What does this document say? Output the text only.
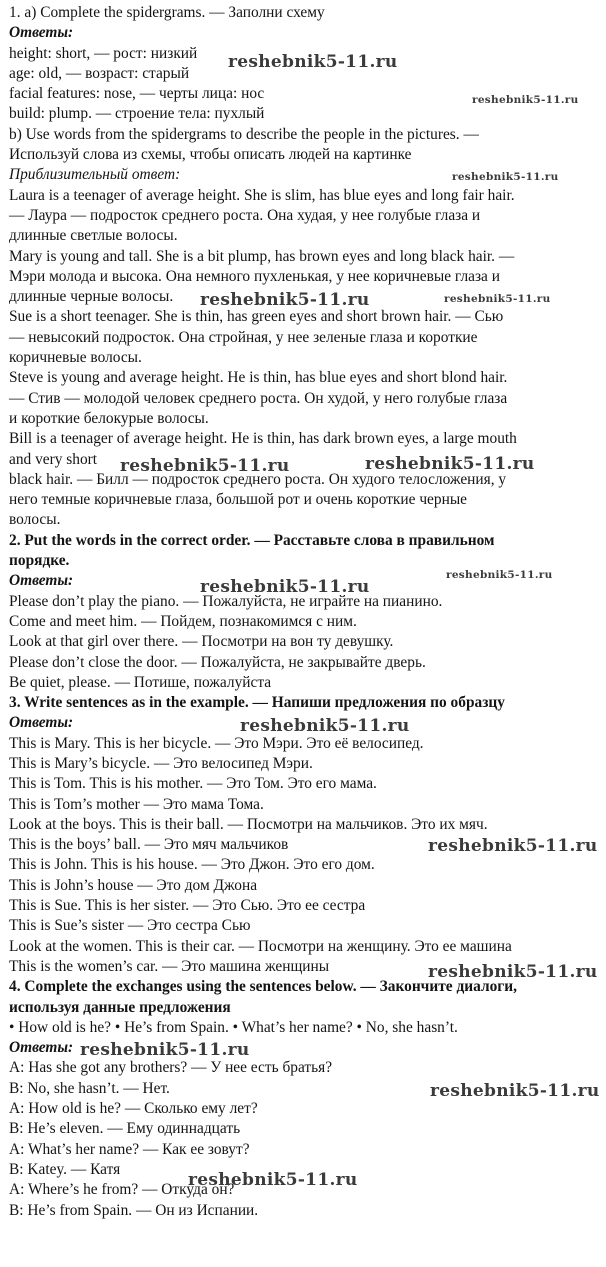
1. a) Complete the spidergrams. — Заполни схему
Ответы:
height: short, — рост: низкий
age: old, — возраст: старый
facial features: nose, — черты лица: нос
build: plump. — строение тела: пухлый
b) Use words from the spidergrams to describe the people in the pictures. —
Используй слова из схемы, чтобы описать людей на картинке
Приблизительный ответ:
Laura is a teenager of average height. She is slim, has blue eyes and long fair hair.
— Лаура — подросток среднего роста. Она худая, у нее голубые глаза и
длинные светлые волосы.
Mary is young and tall. She is a bit plump, has brown eyes and long black hair. —
Мэри молода и высока. Она немного пухленькая, у нее коричневые глаза и
длинные черные волосы.
Sue is a short teenager. She is thin, has green eyes and short brown hair. — Сью
— невысокий подросток. Она стройная, у нее зеленые глаза и короткие
коричневые волосы.
Steve is young and average height. He is thin, has blue eyes and short blond hair.
— Стив — молодой человек среднего роста. Он худой, у него голубые глаза
и короткие белокурые волосы.
Bill is a teenager of average height. He is thin, has dark brown eyes, a large mouth
and very short
black hair. — Билл — подросток среднего роста. Он худого телосложения, у
него темные коричневые глаза, большой рот и очень короткие черные
волосы.
2. Put the words in the correct order. — Расставьте слова в правильном
порядке.
Ответы:
Please don’t play the piano. — Пожалуйста, не играйте на пианино.
Come and meet him. — Пойдем, познакомимся с ним.
Look at that girl over there. — Посмотри на вон ту девушку.
Please don’t close the door. — Пожалуйста, не закрывайте дверь.
Be quiet, please. — Потише, пожалуйста
3. Write sentences as in the example. — Напиши предложения по образцу
Ответы:
This is Mary. This is her bicycle. — Это Мэри. Это её велосипед.
This is Mary’s bicycle. — Это велосипед Мэри.
This is Tom. This is his mother. — Это Том. Это его мама.
This is Tom’s mother — Это мама Тома.
Look at the boys. This is their ball. — Посмотри на мальчиков. Это их мяч.
This is the boys’ ball. — Это мяч мальчиков
This is John. This is his house. — Это Джон. Это его дом.
This is John’s house — Это дом Джона
This is Sue. This is her sister. — Это Сью. Это ее сестра
This is Sue’s sister — Это сестра Сью
Look at the women. This is their car. — Посмотри на женщину. Это ее машина
This is the women’s car. — Это машина женщины
4. Complete the exchanges using the sentences below. — Закончите диалоги,
используя данные предложения
• How old is he? • He’s from Spain. • What’s her name? • No, she hasn’t.
Ответы:
A: Has she got any brothers? — У нее есть братья?
B: No, she hasn’t. — Нет.
A: How old is he? — Сколько ему лет?
B: He’s eleven. — Ему одиннадцать
A: What’s her name? — Как ее зовут?
B: Katey. — Катя
A: Where’s he from? — Откуда он?
B: He’s from Spain. — Он из Испании.
reshebnik5-11.ru
reshebnik5-11.ru
reshebnik5-11.ru
reshebnik5-11.ru	reshebnik5-11.ru
reshebnik5-11.ru	reshebnik5-11.ru
reshebnik5-11.ru
reshebnik5-11.ru
reshebnik5-11.ru
reshebnik5-11.ru
reshebnik5-11.ru
reshebnik5-11.ru
reshebnik5-11.ru
reshebnik5-11.ru
